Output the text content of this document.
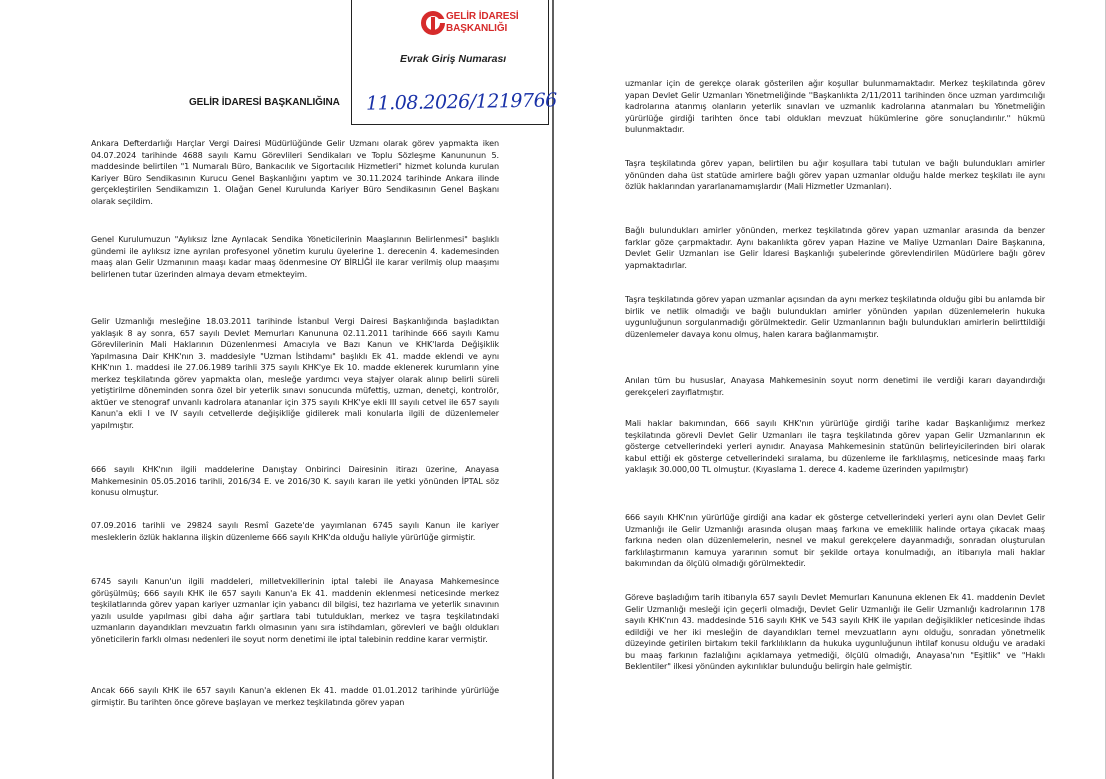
GELİR İDARESİ BAŞKANLIĞINA
Ankara Defterdarlığı Harçlar Vergi Dairesi Müdürlüğünde Gelir Uzmanı olarak görev yapmakta iken 04.07.2024 tarihinde 4688 sayılı Kamu Görevlileri Sendikaları ve Toplu Sözleşme Kanununun 5. maddesinde belirtilen "1 Numaralı Büro, Bankacılık ve Sigortacılık Hizmetleri" hizmet kolunda kurulan Kariyer Büro Sendikasının Kurucu Genel Başkanlığını yaptım ve 30.11.2024 tarihinde Ankara ilinde gerçekleştirilen Sendikamızın 1. Olağan Genel Kurulunda Kariyer Büro Sendikasının Genel Başkanı olarak seçildim.
Genel Kurulumuzun "Aylıksız İzne Ayrılacak Sendika Yöneticilerinin Maaşlarının Belirlenmesi" başlıklı gündemi ile aylıksız izne ayrılan profesyonel yönetim kurulu üyelerine 1. derecenin 4. kademesinden maaş alan Gelir Uzmanının maaşı kadar maaş ödenmesine OY BİRLİĞİ ile karar verilmiş olup maaşımı belirlenen tutar üzerinden almaya devam etmekteyim.
Gelir Uzmanlığı mesleğine 18.03.2011 tarihinde İstanbul Vergi Dairesi Başkanlığında başladıktan yaklaşık 8 ay sonra, 657 sayılı Devlet Memurları Kanununa 02.11.2011 tarihinde 666 sayılı Kamu Görevlilerinin Mali Haklarının Düzenlenmesi Amacıyla ve Bazı Kanun ve KHK'larda Değişiklik Yapılmasına Dair KHK'nın 3. maddesiyle "Uzman İstihdamı" başlıklı Ek 41. madde eklendi ve aynı KHK'nın 1. maddesi ile 27.06.1989 tarihli 375 sayılı KHK'ye Ek 10. madde eklenerek kurumların yine merkez teşkilatında görev yapmakta olan, mesleğe yardımcı veya stajyer olarak alınıp belirli süreli yetiştirilme döneminden sonra özel bir yeterlik sınavı sonucunda müfettiş, uzman, denetçi, kontrolör, aktüer ve stenograf unvanlı kadrolara atananlar için 375 sayılı KHK'ye ekli III sayılı cetvel ile 657 sayılı Kanun'a ekli I ve IV sayılı cetvellerde değişikliğe gidilerek mali konularla ilgili de düzenlemeler yapılmıştır.
666 sayılı KHK'nın ilgili maddelerine Danıştay Onbirinci Dairesinin itirazı üzerine, Anayasa Mahkemesinin 05.05.2016 tarihli, 2016/34 E. ve 2016/30 K. sayılı kararı ile yetki yönünden İPTAL söz konusu olmuştur.
07.09.2016 tarihli ve 29824 sayılı Resmî Gazete'de yayımlanan 6745 sayılı Kanun ile kariyer mesleklerin özlük haklarına ilişkin düzenleme 666 sayılı KHK'da olduğu haliyle yürürlüğe girmiştir.
6745 sayılı Kanun'un ilgili maddeleri, milletvekillerinin iptal talebi ile Anayasa Mahkemesince görüşülmüş; 666 sayılı KHK ile 657 sayılı Kanun'a Ek 41. maddenin eklenmesi neticesinde merkez teşkilatlarında görev yapan kariyer uzmanlar için yabancı dil bilgisi, tez hazırlama ve yeterlik sınavının yazılı usulde yapılması gibi daha ağır şartlara tabi tutuldukları, merkez ve taşra teşkilatındaki uzmanların dayandıkları mevzuatın farklı olmasının yanı sıra istihdamları, görevleri ve bağlı oldukları yöneticilerin farklı olması nedenleri ile soyut norm denetimi ile iptal talebinin reddine karar vermiştir.
Ancak 666 sayılı KHK ile 657 sayılı Kanun'a eklenen Ek 41. madde 01.01.2012 tarihinde yürürlüğe girmiştir. Bu tarihten önce göreve başlayan ve merkez teşkilatında görev yapan
uzmanlar için de gerekçe olarak gösterilen ağır koşullar bulunmamaktadır. Merkez teşkilatında görev yapan Devlet Gelir Uzmanları Yönetmeliğinde ''Başkanlıkta 2/11/2011 tarihinden önce uzman yardımcılığı kadrolarına atanmış olanların yeterlik sınavları ve uzmanlık kadrolarına atanmaları bu Yönetmeliğin yürürlüğe girdiği tarihten önce tabi oldukları mevzuat hükümlerine göre sonuçlandırılır.'' hükmü bulunmaktadır.
Taşra teşkilatında görev yapan, belirtilen bu ağır koşullara tabi tutulan ve bağlı bulundukları amirler yönünden daha üst statüde amirlere bağlı görev yapan uzmanlar olduğu halde merkez teşkilatı ile aynı özlük haklarından yararlanamamışlardır (Mali Hizmetler Uzmanları).
Bağlı bulundukları amirler yönünden, merkez teşkilatında görev yapan uzmanlar arasında da benzer farklar göze çarpmaktadır. Aynı bakanlıkta görev yapan Hazine ve Maliye Uzmanları Daire Başkanına, Devlet Gelir Uzmanları ise Gelir İdaresi Başkanlığı şubelerinde görevlendirilen Müdürlere bağlı görev yapmaktadırlar.
Taşra teşkilatında görev yapan uzmanlar açısından da aynı merkez teşkilatında olduğu gibi bu anlamda bir birlik ve netlik olmadığı ve bağlı bulundukları amirler yönünden yapılan düzenlemelerin hukuka uygunluğunun sorgulanmadığı görülmektedir. Gelir Uzmanlarının bağlı bulundukları amirlerin belirttildiği düzenlemeler davaya konu olmuş, halen karara bağlanmamıştır.
Anılan tüm bu hususlar, Anayasa Mahkemesinin soyut norm denetimi ile verdiği kararı dayandırdığı gerekçeleri zayıflatmıştır.
Mali haklar bakımından, 666 sayılı KHK'nın yürürlüğe girdiği tarihe kadar Başkanlığımız merkez teşkilatında görevli Devlet Gelir Uzmanları ile taşra teşkilatında görev yapan Gelir Uzmanlarının ek gösterge cetvellerindeki yerleri aynıdır. Anayasa Mahkemesinin statünün belirleyicilerinden biri olarak kabul ettiği ek gösterge cetvellerindeki sıralama, bu düzenleme ile farklılaşmış, neticesinde maaş farkı yaklaşık 30.000,00 TL olmuştur. (Kıyaslama 1. derece 4. kademe üzerinden yapılmıştır)
666 sayılı KHK'nın yürürlüğe girdiği ana kadar ek gösterge cetvellerindeki yerleri aynı olan Devlet Gelir Uzmanlığı ile Gelir Uzmanlığı arasında oluşan maaş farkına ve emeklilik halinde ortaya çıkacak maaş farkına neden olan düzenlemelerin, nesnel ve makul gerekçelere dayanmadığı, sonradan oluşturulan farklılaştırmanın kamuya yararının somut bir şekilde ortaya konulmadığı, an itibarıyla mali haklar bakımından da ölçülü olmadığı görülmektedir.
Göreve başladığım tarih itibarıyla 657 sayılı Devlet Memurları Kanununa eklenen Ek 41. maddenin Devlet Gelir Uzmanlığı mesleği için geçerli olmadığı, Devlet Gelir Uzmanlığı ile Gelir Uzmanlığı kadrolarının 178 sayılı KHK'nın 43. maddesinde 516 sayılı KHK ve 543 sayılı KHK ile yapılan değişiklikler neticesinde ihdas edildiği ve her iki mesleğin de dayandıkları temel mevzuatların aynı olduğu, sonradan yönetmelik düzeyinde getirilen birtakım tekil farklılıkların da hukuka uygunluğunun ihtilaf konusu olduğu ve aradaki bu maaş farkının fazlalığını açıklamaya yetmediği, ölçülü olmadığı, Anayasa'nın "Eşitlik" ve "Haklı Beklentiler" ilkesi yönünden aykırılıklar bulunduğu belirgin hale gelmiştir.
GELİR İDARESİ
BAŞKANLIĞI
Evrak Giriş Numarası
11.08.2026/1219766
